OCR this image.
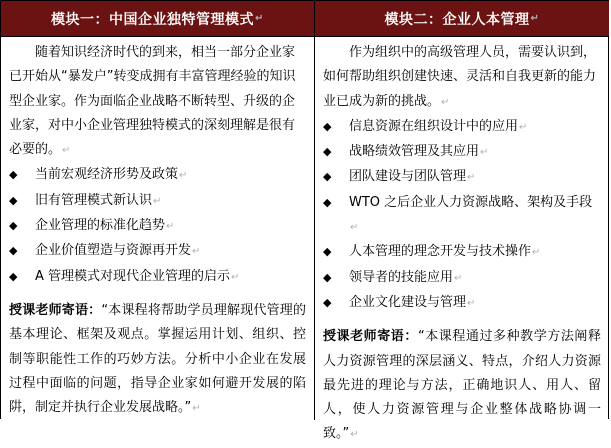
模块一：中国企业独特管理模式 ↵

随着知识经济时代的到来，相当一部分企业家已开始从“暴发户”转变成拥有丰富管理经验的知识型企业家。作为面临企业战略不断转型、升级的企业家，对中小企业管理独特模式的深刻理解是很有必要的。↵

◆ 当前宏观经济形势及政策↵
◆ 旧有管理模式新认识↵
◆ 企业管理的标准化趋势↵
◆ 企业价值塑造与资源再开发↵
◆ A 管理模式对现代企业管理的启示↵

授课老师寄语：“本课程将帮助学员理解现代管理的基本理论、框架及观点。掌握运用计划、组织、控制等职能性工作的巧妙方法。分析中小企业在发展过程中面临的问题，指导企业家如何避开发展的陷阱，制定并执行企业发展战略。”↵

模块二：企业人本管理 ↵

作为组织中的高级管理人员，需要认识到，如何帮助组织创建快速、灵活和自我更新的能力业已成为新的挑战。↵

◆ 信息资源在组织设计中的应用↵
◆ 战略绩效管理及其应用↵
◆ 团队建设与团队管理↵
◆ WTO 之后企业人力资源战略、架构及手段↵
◆ 人本管理的理念开发与技术操作↵
◆ 领导者的技能应用↵
◆ 企业文化建设与管理↵

授课老师寄语：“本课程通过多种教学方法阐释人力资源管理的深层涵义、特点，介绍人力资源最先进的理论与方法，正确地识人、用人、留人，使人力资源管理与企业整体战略协调一致。”↵
